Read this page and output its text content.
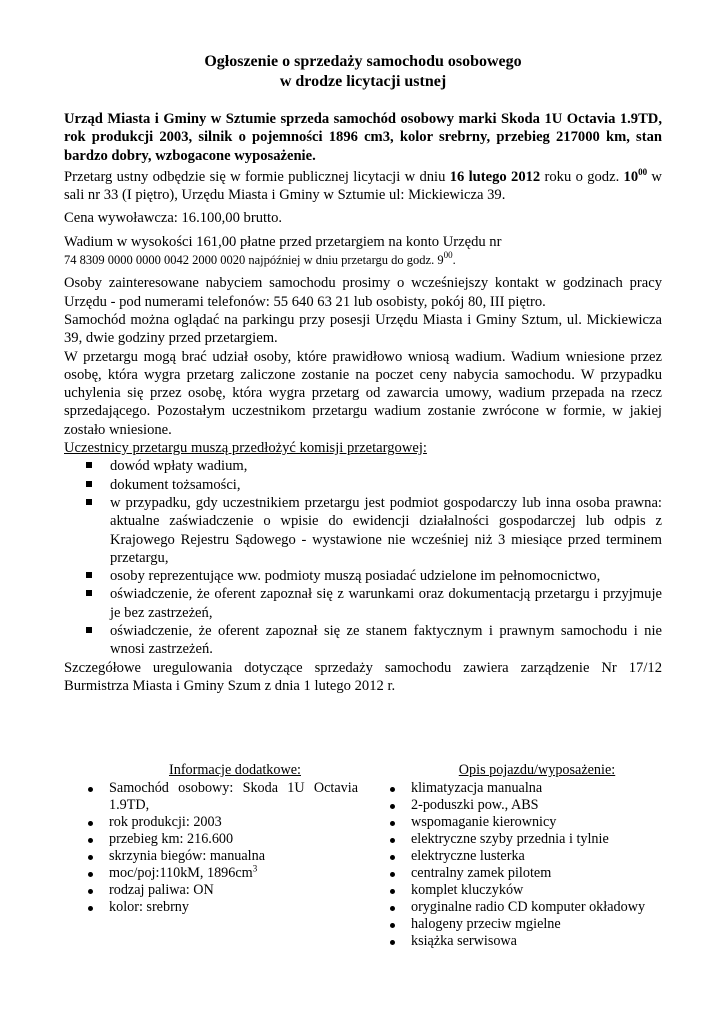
Ogłoszenie o sprzedaży samochodu osobowego

w drodze licytacji ustnej

Urząd Miasta i Gminy w Sztumie sprzeda samochód osobowy marki Skoda 1U Octavia 1.9TD, rok produkcji 2003, silnik o pojemności 1896 cm3, kolor srebrny, przebieg 217000 km, stan bardzo dobry, wzbogacone wyposażenie.

Przetarg ustny odbędzie się w formie publicznej licytacji w dniu 16 lutego 2012 roku o godz. $10^{00}$ w sali nr 33 (I piętro), Urzędu Miasta i Gminy w Sztumie ul: Mickiewicza 39.

Cena wywoławcza: 16.100,00 brutto.

Wadium w wysokości 161,00 płatne przed przetargiem na konto Urzędu nr
74 8309 0000 0000 0042 2000 0020 najpóźniej w dniu przetargu do godz. $9^{00}$.

Osoby zainteresowane nabyciem samochodu prosimy o wcześniejszy kontakt w godzinach pracy Urzędu - pod numerami telefonów: 55 640 63 21 lub osobisty, pokój 80, III piętro.

Samochód można oglądać na parkingu przy posesji Urzędu Miasta i Gminy Sztum, ul. Mickiewicza 39, dwie godziny przed przetargiem.

W przetargu mogą brać udział osoby, które prawidłowo wniosą wadium. Wadium wniesione przez osobę, która wygra przetarg zaliczone zostanie na poczet ceny nabycia samochodu. W przypadku uchylenia się przez osobę, która wygra przetarg od zawarcia umowy, wadium przepada na rzecz sprzedającego. Pozostałym uczestnikom przetargu wadium zostanie zwrócone w formie, w jakiej zostało wniesione.

Uczestnicy przetargu muszą przedłożyć komisji przetargowej:

dowód wpłaty wadium,
dokument tożsamości,
w przypadku, gdy uczestnikiem przetargu jest podmiot gospodarczy lub inna osoba prawna: aktualne zaświadczenie o wpisie do ewidencji działalności gospodarczej lub odpis z Krajowego Rejestru Sądowego - wystawione nie wcześniej niż 3 miesiące przed terminem przetargu,
osoby reprezentujące ww. podmioty muszą posiadać udzielone im pełnomocnictwo,
oświadczenie, że oferent zapoznał się z warunkami oraz dokumentacją przetargu i przyjmuje je bez zastrzeżeń,
oświadczenie, że oferent zapoznał się ze stanem faktycznym i prawnym samochodu i nie wnosi zastrzeżeń.

Szczegółowe uregulowania dotyczące sprzedaży samochodu zawiera zarządzenie Nr 17/12 Burmistrza Miasta i Gminy Szum z dnia 1 lutego 2012 r.

Informacje dodatkowe:
Samochód osobowy: Skoda 1U Octavia 1.9TD,
rok produkcji: 2003
przebieg km: 216.600
skrzynia biegów: manualna
moc/poj:110kM, $1896cm^3$
rodzaj paliwa: ON
kolor: srebrny
Opis pojazdu/wyposażenie:
klimatyzacja manualna
2-poduszki pow., ABS
wspomaganie kierownicy
elektryczne szyby przednia i tylnie
elektryczne lusterka
centralny zamek pilotem
komplet kluczyków
oryginalne radio CD komputer okładowy
halogeny przeciw mgielne
książka serwisowa
